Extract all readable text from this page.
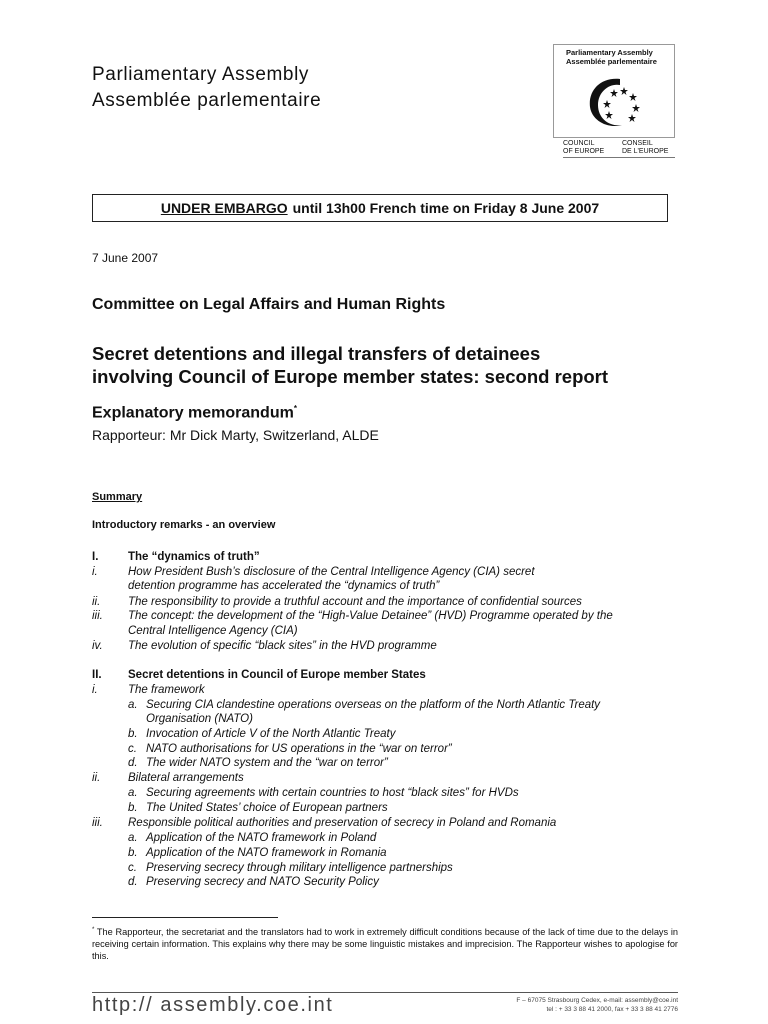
Parliamentary Assembly
Assemblée parlementaire
Parliamentary Assembly
Assemblée parlementaire
COUNCIL
OF EUROPE
CONSEIL
DE L'EUROPE
UNDER EMBARGO until 13h00 French time on Friday 8 June 2007
7 June 2007
Committee on Legal Affairs and Human Rights
Secret detentions and illegal transfers of detainees
involving Council of Europe member states: second report
Explanatory memorandum*
Rapporteur: Mr Dick Marty, Switzerland, ALDE
Summary
Introductory remarks - an overview
I.	The “dynamics of truth”
i.	How President Bush’s disclosure of the Central Intelligence Agency (CIA) secret
detention programme has accelerated the “dynamics of truth”
ii. The responsibility to provide a truthful account and the importance of confidential sources
iii. The concept: the development of the “High-Value Detainee” (HVD) Programme operated by the
Central Intelligence Agency (CIA)
iv. The evolution of specific “black sites” in the HVD programme
II. Secret detentions in Council of Europe member States
i.	The framework
a. Securing CIA clandestine operations overseas on the platform of the North Atlantic Treaty
Organisation (NATO)
b. Invocation of Article V of the North Atlantic Treaty
c. NATO authorisations for US operations in the “war on terror”
d. The wider NATO system and the “war on terror”
ii. Bilateral arrangements
a. Securing agreements with certain countries to host “black sites” for HVDs
b. The United States’ choice of European partners
iii. Responsible political authorities and preservation of secrecy in Poland and Romania
a. Application of the NATO framework in Poland
b. Application of the NATO framework in Romania
c. Preserving secrecy through military intelligence partnerships
d. Preserving secrecy and NATO Security Policy
* The Rapporteur, the secretariat and the translators had to work in extremely difficult conditions because of the lack of time due to the delays in receiving certain information. This explains why there may be some linguistic mistakes and imprecision. The Rapporteur wishes to apologise for this.
http:// assembly.coe.int	F – 67075 Strasbourg Cedex, e-mail: assembly@coe.int
tel : + 33 3 88 41 2000, fax + 33 3 88 41 2776
